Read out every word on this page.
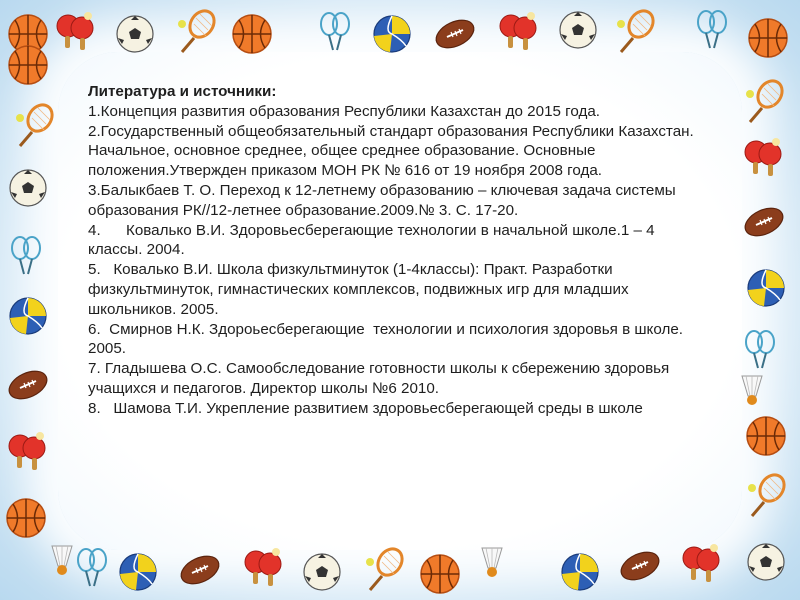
Литература и источники:

1.Концепция развития образования Республики Казахстан до 2015 года.

2.Государственный общеобязательный стандарт образования Республики Казахстан. Начальное, основное среднее, общее среднее образование. Основные положения.Утвержден приказом МОН РК № 616 от 19 ноября 2008 года.

3.Балыкбаев Т. О. Переход к 12-летнему образованию – ключевая задача системы образования РК//12-летнее образование.2009.№ 3. С. 17-20.

4.      Ковалько В.И. Здоровьесберегающие технологии в начальной школе.1 – 4 классы. 2004.

5.   Ковалько В.И. Школа физкультминуток (1-4классы): Практ. Разработки физкультминуток, гимнастических комплексов, подвижных игр для младших школьников. 2005.

6.  Смирнов Н.К. Здороьесберегающие  технологии и психология здоровья в школе. 2005.

7. Гладышева О.С. Самообследование готовности школы к сбережению здоровья учащихся и педагогов. Директор школы №6 2010.

8.   Шамова Т.И. Укрепление развитием здоровьесберегающей среды в школе
